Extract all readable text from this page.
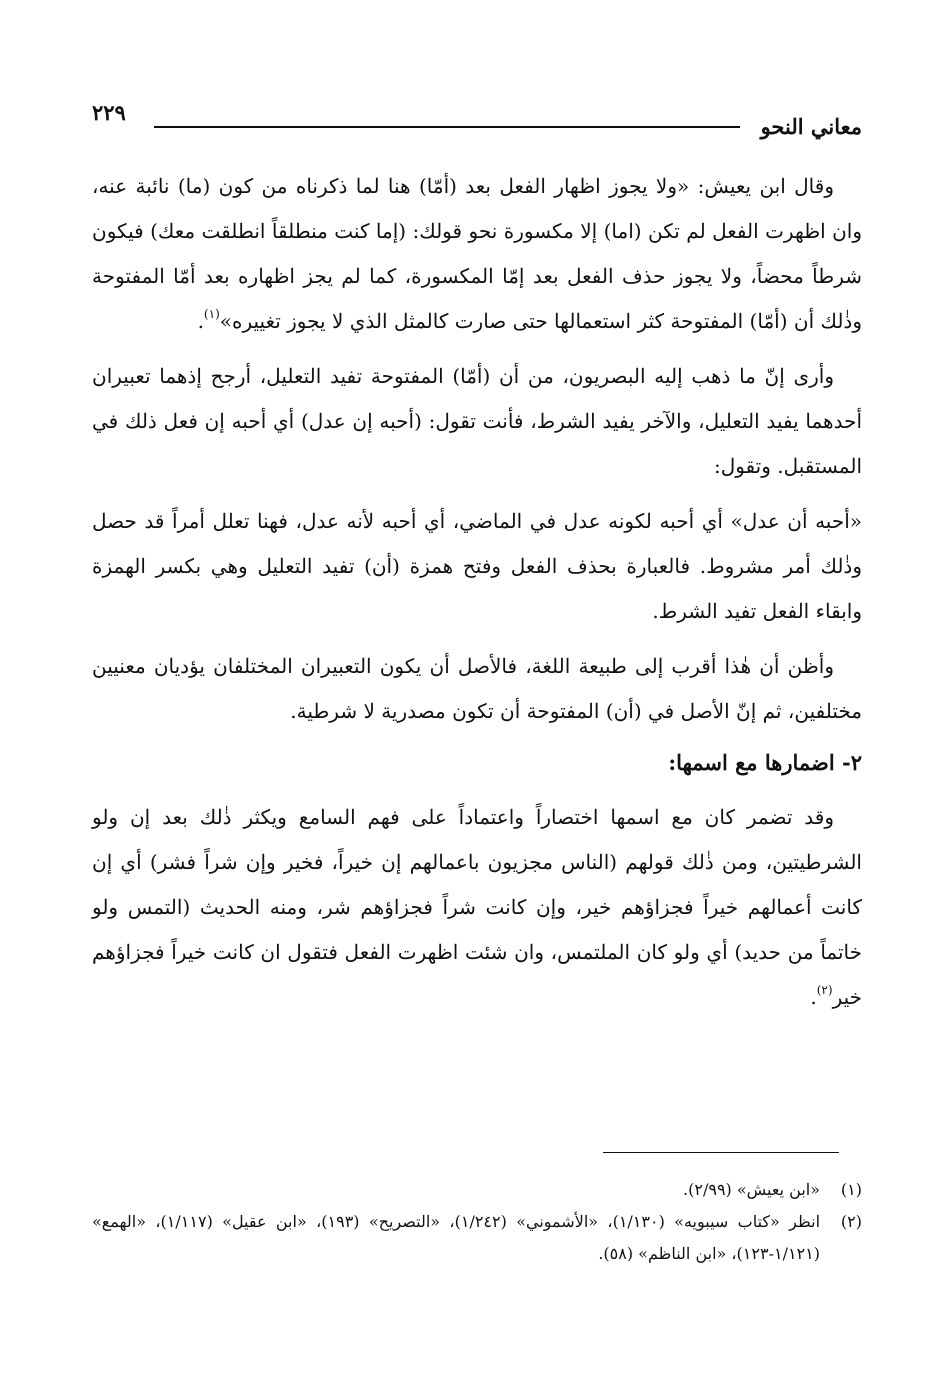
معاني النحو
٢٢٩

وقال ابن يعيش: «ولا يجوز اظهار الفعل بعد (أمّا) هنا لما ذكرناه من كون (ما) نائبة عنه، وان اظهرت الفعل لم تكن (اما) إلا مكسورة نحو قولك: (إما كنت منطلقاً انطلقت معك) فيكون شرطاً محضاً، ولا يجوز حذف الفعل بعد إمّا المكسورة، كما لم يجز اظهاره بعد أمّا المفتوحة وذٰلك أن (أمّا) المفتوحة كثر استعمالها حتى صارت كالمثل الذي لا يجوز تغييره»$^{(١)}$.

وأرى إنّ ما ذهب إليه البصريون، من أن (أمّا) المفتوحة تفيد التعليل، أرجح إذهما تعبيران أحدهما يفيد التعليل، والآخر يفيد الشرط، فأنت تقول: (أحبه إن عدل) أي أحبه إن فعل ذلك في المستقبل. وتقول:

«أحبه أن عدل» أي أحبه لكونه عدل في الماضي، أي أحبه لأنه عدل، فهنا تعلل أمراً قد حصل وذٰلك أمر مشروط. فالعبارة بحذف الفعل وفتح همزة (أن) تفيد التعليل وهي بكسر الهمزة وابقاء الفعل تفيد الشرط.

وأظن أن هٰذا أقرب إلى طبيعة اللغة، فالأصل أن يكون التعبيران المختلفان يؤديان معنيين مختلفين، ثم إنّ الأصل في (أن) المفتوحة أن تكون مصدرية لا شرطية.

٢- اضمارها مع اسمها:

وقد تضمر كان مع اسمها اختصاراً واعتماداً على فهم السامع ويكثر ذٰلك بعد إن ولو الشرطيتين، ومن ذٰلك قولهم (الناس مجزيون باعمالهم إن خيراً، فخير وإن شراً فشر) أي إن كانت أعمالهم خيراً فجزاؤهم خير، وإن كانت شراً فجزاؤهم شر، ومنه الحديث (التمس ولو خاتماً من حديد) أي ولو كان الملتمس، وان شئت اظهرت الفعل فتقول ان كانت خيراً فجزاؤهم خير$^{(٢)}$.

(١)
«ابن يعيش» (٢/٩٩).

(٢)
انظر «كتاب سيبويه» (١/١٣٠)، «الأشموني» (١/٢٤٢)، «التصريح» (١٩٣)، «ابن عقيل» (١/١١٧)، «الهمع» (١/١٢١-١٢٣)، «ابن الناظم» (٥٨).
